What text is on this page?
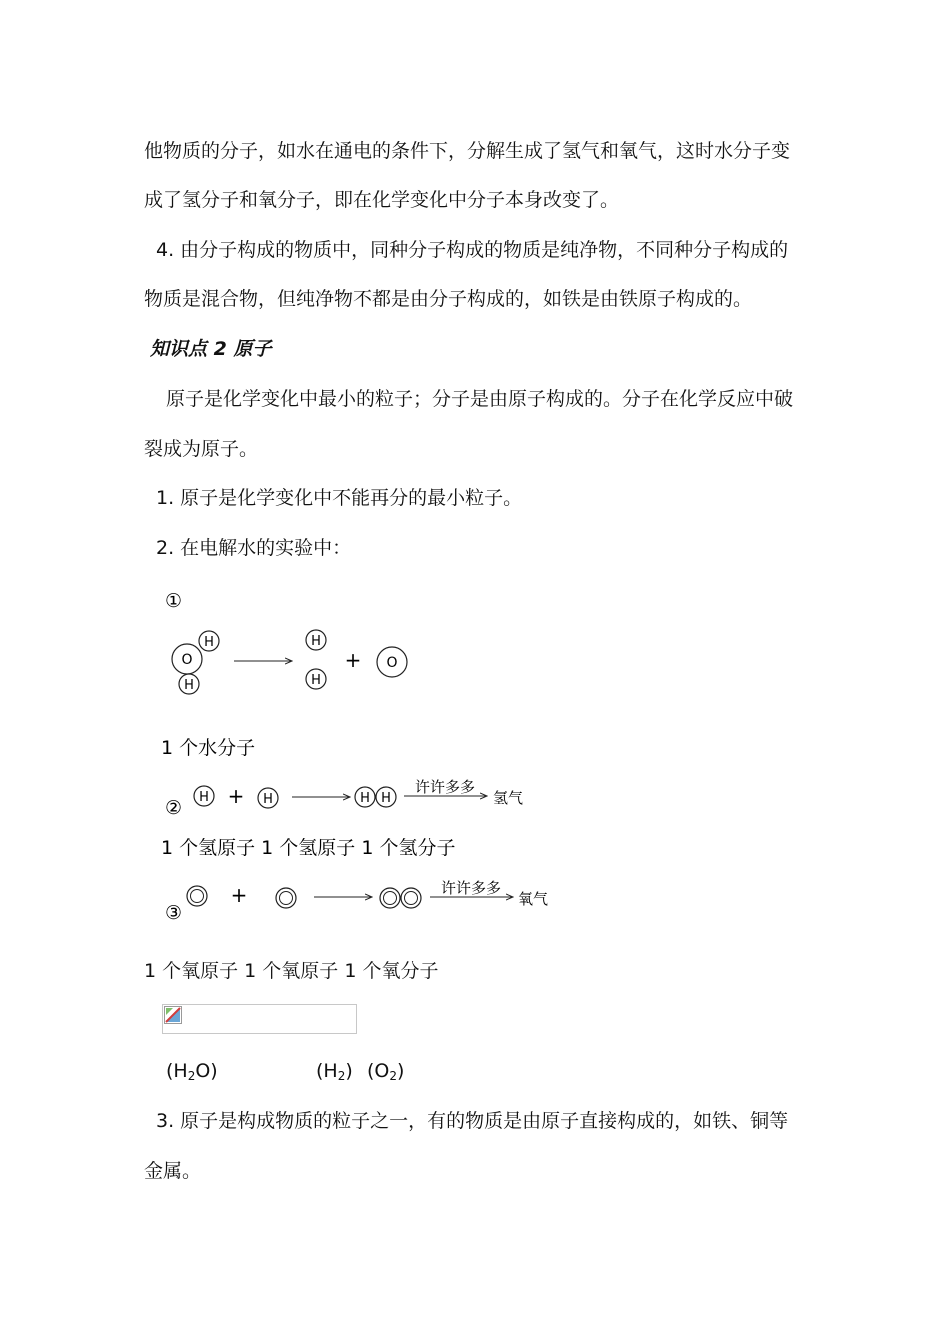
他物质的分子，如水在通电的条件下，分解生成了氢气和氧气，这时水分子变
成了氢分子和氧分子，即在化学变化中分子本身改变了。
4. 由分子构成的物质中，同种分子构成的物质是纯净物，不同种分子构成的
物质是混合物，但纯净物不都是由分子构成的，如铁是由铁原子构成的。
知识点 2 原子
原子是化学变化中最小的粒子；分子是由原子构成的。分子在化学反应中破
裂成为原子。
1. 原子是化学变化中不能再分的最小粒子。
2. 在电解水的实验中：
①
O
H
H
H
H
+ O
1 个水分子
② H + H	H H
许许多多
氢气
1 个氢原子 1 个氢原子 1 个氢分子
③
+	许许多多
氧气
1 个氧原子 1 个氧原子 1 个氧分子
$(H_2O)$	$(H_2)$ $(O_2)$
3. 原子是构成物质的粒子之一，有的物质是由原子直接构成的，如铁、铜等
金属。
